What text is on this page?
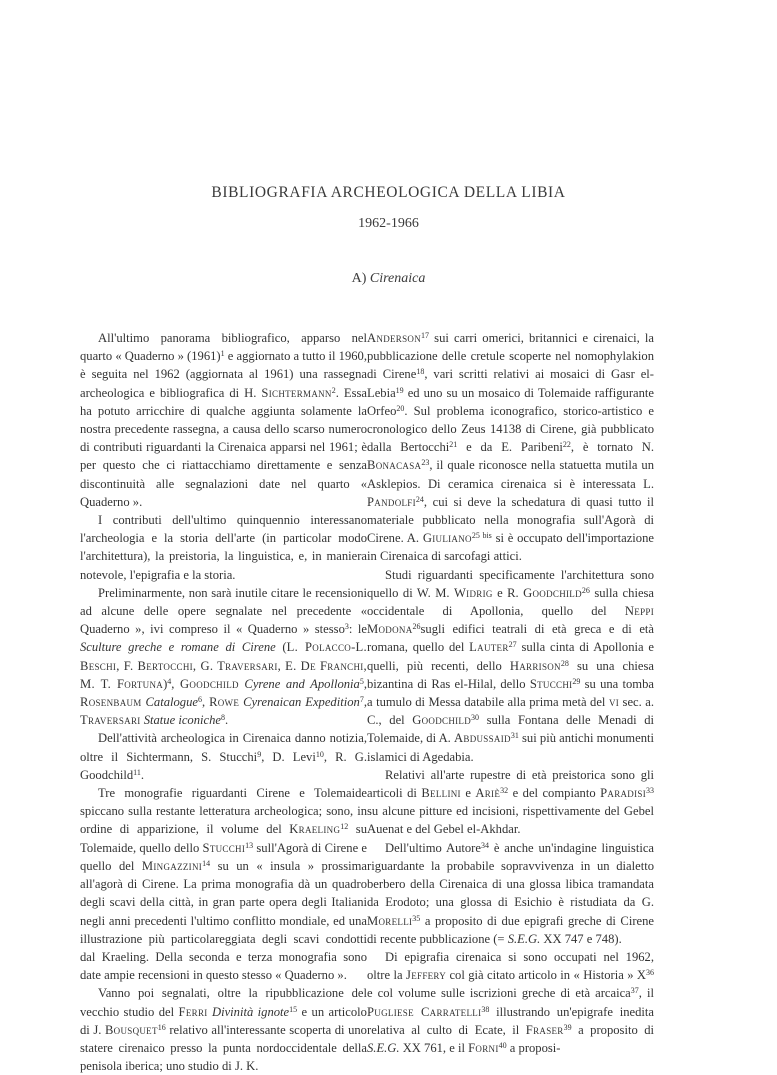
BIBLIOGRAFIA ARCHEOLOGICA DELLA LIBIA
1962-1966
A) Cirenaica

All'ultimo panorama bibliografico, apparso nel quarto « Quaderno » $(1961)^1$ e aggiornato a tutto il 1960, è seguita nel 1962 (aggiornata al 1961) una rassegna archeologica e bibliografica di H. Sichtermann$^2$. Essa ha potuto arricchire di qualche aggiunta solamente la nostra precedente rassegna, a causa dello scarso numero di contributi riguardanti la Cirenaica apparsi nel 1961; è per questo che ci riattacchiamo direttamente e senza discontinuità alle segnalazioni date nel quarto « Quaderno ».

I contributi dell'ultimo quinquennio interessano l'archeologia e la storia dell'arte (in particolar modo l'architettura), la preistoria, la linguistica, e, in maniera notevole, l'epigrafia e la storia.

Preliminarmente, non sarà inutile citare le recensioni ad alcune delle opere segnalate nel precedente « Quaderno », ivi compreso il « Quaderno » stesso$^3$: le Sculture greche e romane di Cirene (L. Polacco-L. Beschi, F. Bertocchi, G. Traversari, E. De Franchi, M. T. Fortuna)$^4$, Goodchild Cyrene and Apollonia$^5$, Rosenbaum Catalogue$^6$, Rowe Cyrenaican Expedition$^7$, Traversari Statue iconiche$^8$.

Dell'attività archeologica in Cirenaica danno notizia, oltre il Sichtermann, S. Stucchi$^9$, D. Levi$^{10}$, R. G. Goodchild$^{11}$.

Tre monografie riguardanti Cirene e Tolemaide spiccano sulla restante letteratura archeologica; sono, in ordine di apparizione, il volume del Kraeling$^{12}$ su Tolemaide, quello dello Stucchi$^{13}$ sull'Agorà di Cirene e quello del Mingazzini$^{14}$ su un « insula » prossima all'agorà di Cirene. La prima monografia dà un quadro degli scavi della città, in gran parte opera degli Italiani negli anni precedenti l'ultimo conflitto mondiale, ed una illustrazione più particolareggiata degli scavi condotti dal Kraeling. Della seconda e terza monografia sono date ampie recensioni in questo stesso « Quaderno ».

Vanno poi segnalati, oltre la ripubblicazione del vecchio studio del Ferri Divinità ignote$^{15}$ e un articolo di J. Bousquet$^{16}$ relativo all'interessante scoperta di uno statere cirenaico presso la punta nordoccidentale della penisola iberica; uno studio di J. K.

Anderson$^{17}$ sui carri omerici, britannici e cirenaici, la pubblicazione delle cretule scoperte nel nomophylakion di Cirene$^{18}$, vari scritti relativi ai mosaici di Gasr el-Lebia$^{19}$ ed uno su un mosaico di Tolemaide raffigurante Orfeo$^{20}$. Sul problema iconografico, storico-artistico e cronologico dello Zeus 14138 di Cirene, già pubblicato dalla Bertocchi$^{21}$ e da E. Paribeni$^{22}$, è tornato N. Bonacasa$^{23}$, il quale riconosce nella statuetta mutila un Asklepios. Di ceramica cirenaica si è interessata L. Pandolfi$^{24}$, cui si deve la schedatura di quasi tutto il materiale pubblicato nella monografia sull'Agorà di Cirene. A. Giuliano$^{25 bis}$ si è occupato dell'importazione in Cirenaica di sarcofagi attici.

Studi riguardanti specificamente l'architettura sono quello di W. M. Widrig e R. Goodchild$^{26}$ sulla chiesa occidentale di Apollonia, quello del Neppi Modona$^{26}$sugli edifici teatrali di età greca e di età romana, quello del Lauter$^{27}$ sulla cinta di Apollonia e quelli, più recenti, dello Harrison$^{28}$ su una chiesa bizantina di Ras el-Hilal, dello Stucchi$^{29}$ su una tomba a tumulo di Messa databile alla prima metà del vi sec. a. C., del Goodchild$^{30}$ sulla Fontana delle Menadi di Tolemaide, di A. Abdussaid$^{31}$ sui più antichi monumenti islamici di Agedabia.

Relativi all'arte rupestre di età preistorica sono gli articoli di Bellini e Ariè$^{32}$ e del compianto Paradisi$^{33}$ su alcune pitture ed incisioni, rispettivamente del Gebel Auenat e del Gebel el-Akhdar.

Dell'ultimo Autore$^{34}$ è anche un'indagine linguistica riguardante la probabile sopravvivenza in un dialetto berbero della Cirenaica di una glossa libica tramandata da Erodoto; una glossa di Esichio è ristudiata da G. Morelli$^{35}$ a proposito di due epigrafi greche di Cirene di recente pubblicazione (= S.E.G. XX 747 e 748).

Di epigrafia cirenaica si sono occupati nel 1962, oltre la Jeffery col già citato articolo in « Historia » $X^{36}$ e col volume sulle iscrizioni greche di età arcaica$^{37}$, il Pugliese Carratelli$^{38}$ illustrando un'epigrafe inedita relativa al culto di Ecate, il Fraser$^{39}$ a proposito di S.E.G. XX 761, e il Forni$^{40}$ a proposi-
